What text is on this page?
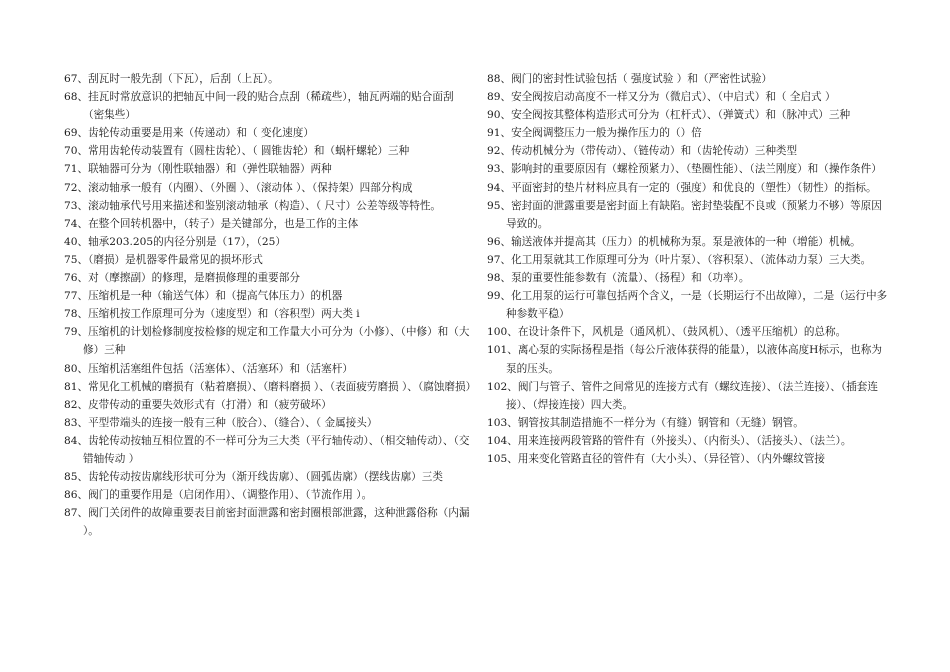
67、刮瓦时一般先刮（下瓦），后刮（上瓦）。

68、挂瓦时常放意识的把轴瓦中间一段的贴合点刮（稀疏些），轴瓦两端的贴合面刮（密集些）

69、齿轮传动重要是用来（传递动）和（ 变化速度）

70、常用齿轮传动装置有（圆柱齿轮）、（ 圆锥齿轮）和（蜗杆螺轮）三种

71、联轴器可分为（刚性联轴器）和（弹性联轴器）两种

72、滚动轴承一般有（内圈）、（外圈 ）、（滚动体 ）、（保持架）四部分构成

73、滚动轴承代号用来描述和鉴别滚动轴承（构造）、（ 尺寸）公差等级等特性。

74、在整个回转机器中，（转子）是关键部分，也是工作的主体

40、轴承203.205的内径分别是（17），（25）

75、（磨损）是机器零件最常见的损坏形式

76、对（摩擦副）的修理，是磨损修理的重要部分

77、压缩机是一种（输送气体）和（提高气体压力）的机器

78、压缩机按工作原理可分为（速度型）和（容积型）两大类 i

79、压缩机的计划检修制度按检修的规定和工作量大小可分为（小修）、（中修）和（大修）三种

80、压缩机活塞组件包括（活塞体）、（活塞环）和（活塞杆）

81、常见化工机械的磨损有（粘着磨损）、（磨料磨损 ）、（表面疲劳磨损 ）、（腐蚀磨损）

82、皮带传动的重要失效形式有（打滑）和（疲劳破坏）

83、平型带端头的连接一般有三种（胶合）、（缝合）、（ 金属接头）

84、齿轮传动按轴互相位置的不一样可分为三大类（平行轴传动）、（相交轴传动）、（交错轴传动 ）

85、齿轮传动按齿廓线形状可分为（渐开线齿廓）、（圆弧齿廓）（摆线齿廓）三类

86、阀门的重要作用是（启闭作用）、（调整作用）、（节流作用 ）。

87、阀门关闭件的故障重要表目前密封面泄露和密封圈根部泄露，这种泄露俗称（内漏 ）。

88、阀门的密封性试验包括（ 强度试验 ）和（严密性试验）

89、安全阀按启动高度不一样又分为（微启式）、（中启式）和（ 全启式 ）

90、安全阀按其整体构造形式可分为（杠杆式）、（弹簧式）和（脉冲式）三种

91、安全阀调整压力一般为操作压力的（）倍

92、传动机械分为（带传动）、（链传动）和（齿轮传动）三种类型

93、影响封的重要原因有（螺栓预紧力）、（垫圈性能）、（法兰刚度）和（操作条件）

94、平面密封的垫片材料应具有一定的（强度）和优良的（塑性）（韧性）的指标。

95、密封面的泄露重要是密封面上有缺陷。密封垫装配不良或（预紧力不够）等原因导致的。

96、输送液体并提高其（压力）的机械称为泵。泵是液体的一种（增能）机械。

97、化工用泵就其工作原理可分为（叶片泵）、（容积泵）、（流体动力泵）三大类。

98、泵的重要性能参数有（流量）、（扬程）和（功率）。

99、化工用泵的运行可靠包括两个含义，一是（长期运行不出故障），二是（运行中多种参数平稳）

100、在设计条件下，风机是（通风机）、（鼓风机）、（透平压缩机）的总称。

101、离心泵的实际扬程是指（每公斤液体获得的能量），以液体高度H标示，也称为泵的压头。

102、阀门与管子、管件之间常见的连接方式有（螺纹连接）、（法兰连接）、（插套连接）、（焊接连接）四大类。

103、钢管按其制造措施不一样分为（有缝）钢管和（无缝）钢管。

104、用来连接两段管路的管件有（外接头）、（内衔头）、（活接头）、（法兰）。

105、用来变化管路直径的管件有（大小头）、（异径管）、（内外螺纹管接
